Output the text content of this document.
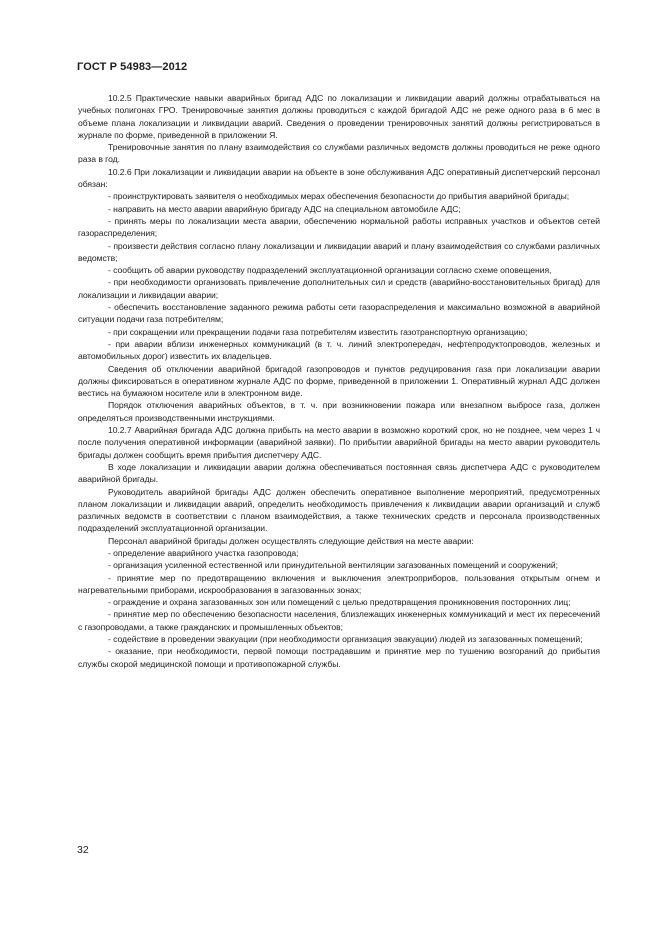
ГОСТ Р 54983—2012

10.2.5 Практические навыки аварийных бригад АДС по локализации и ликвидации аварий должны отрабатываться на учебных полигонах ГРО. Тренировочные занятия должны проводиться с каждой бригадой АДС не реже одного раза в 6 мес в объеме плана локализации и ликвидации аварий. Сведения о проведении тренировочных занятий должны регистрироваться в журнале по форме, приведенной в приложении Я.

Тренировочные занятия по плану взаимодействия со службами различных ведомств должны проводиться не реже одного раза в год.

10.2.6 При локализации и ликвидации аварии на объекте в зоне обслуживания АДС оперативный диспетчерский персонал обязан:

- проинструктировать заявителя о необходимых мерах обеспечения безопасности до прибытия аварийной бригады;

- направить на место аварии аварийную бригаду АДС на специальном автомобиле АДС;

- принять меры по локализации места аварии, обеспечению нормальной работы исправных участков и объектов сетей газораспределения;

- произвести действия согласно плану локализации и ликвидации аварий и плану взаимодействия со службами различных ведомств;

- сообщить об аварии руководству подразделений эксплуатационной организации согласно схеме оповещения,

- при необходимости организовать привлечение дополнительных сил и средств (аварийно-восстановительных бригад) для локализации и ликвидации аварии;

- обеспечить восстановление заданного режима работы сети газораспределения и максимально возможной в аварийной ситуации подачи газа потребителям;

- при сокращении или прекращении подачи газа потребителям известить газотранспортную организацию;

- при аварии вблизи инженерных коммуникаций (в т. ч. линий электропередач, нефтепродуктопроводов, железных и автомобильных дорог) известить их владельцев.

Сведения об отключении аварийной бригадой газопроводов и пунктов редуцирования газа при локализации аварии должны фиксироваться в оперативном журнале АДС по форме, приведенной в приложении 1. Оперативный журнал АДС должен вестись на бумажном носителе или в электронном виде.

Порядок отключения аварийных объектов, в т. ч. при возникновении пожара или внезапном выбросе газа, должен определяться производственными инструкциями.

10.2.7 Аварийная бригада АДС должна прибыть на место аварии в возможно короткий срок, но не позднее, чем через 1 ч после получения оперативной информации (аварийной заявки). По прибытии аварийной бригады на место аварии руководитель бригады должен сообщить время прибытия диспетчеру АДС.

В ходе локализации и ликвидации аварии должна обеспечиваться постоянная связь диспетчера АДС с руководителем аварийной бригады.

Руководитель аварийной бригады АДС должен обеспечить оперативное выполнение мероприятий, предусмотренных планом локализации и ликвидации аварий, определить необходимость привлечения к ликвидации аварии организаций и служб различных ведомств в соответствии с планом взаимодействия, а также технических средств и персонала производственных подразделений эксплуатационной организации.

Персонал аварийной бригады должен осуществлять следующие действия на месте аварии:

- определение аварийного участка газопровода;

- организация усиленной естественной или принудительной вентиляции загазованных помещений и сооружений;

- принятие мер по предотвращению включения и выключения электроприборов, пользования открытым огнем и нагревательными приборами, искрообразования в загазованных зонах;

- ограждение и охрана загазованных зон или помещений с целью предотвращения проникновения посторонних лиц;

- принятие мер по обеспечению безопасности населения, близлежащих инженерных коммуникаций и мест их пересечений с газопроводами, а также гражданских и промышленных объектов;

- содействие в проведении эвакуации (при необходимости организация эвакуации) людей из загазованных помещений;

- оказание, при необходимости, первой помощи пострадавшим и принятие мер по тушению возгораний до прибытия службы скорой медицинской помощи и противопожарной службы.

32
